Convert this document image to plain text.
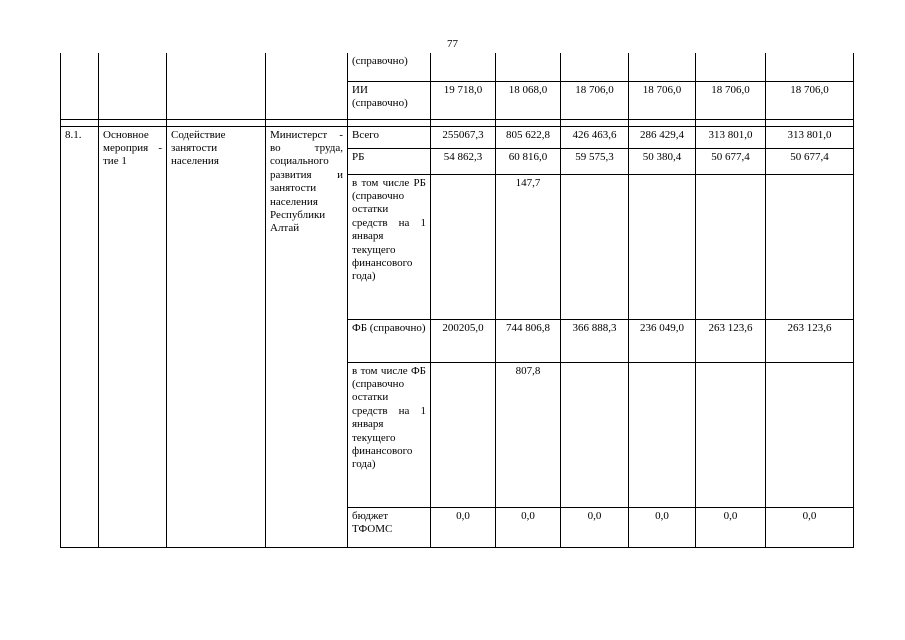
77
				(справочно)						
				ИИ (справочно)	19 718,0	18 068,0	18 706,0	18 706,0	18 706,0	18 706,0

8.1.	Основное мероприя - тие 1	Содействие занятости населения	Министерст - во труда, социального развития и занятости населения Республики Алтай	Всего	255067,3	805 622,8	426 463,6	286 429,4	313 801,0	313 801,0
				РБ	54 862,3	60 816,0	59 575,3	50 380,4	50 677,4	50 677,4
				в том числе РБ (справочно остатки средств на 1 января текущего финансового года)		147,7				
				ФБ (справочно)	200205,0	744 806,8	366 888,3	236 049,0	263 123,6	263 123,6
				в том числе ФБ (справочно остатки средств на 1 января текущего финансового года)		807,8				
				бюджет ТФОМС	0,0	0,0	0,0	0,0	0,0	0,0
